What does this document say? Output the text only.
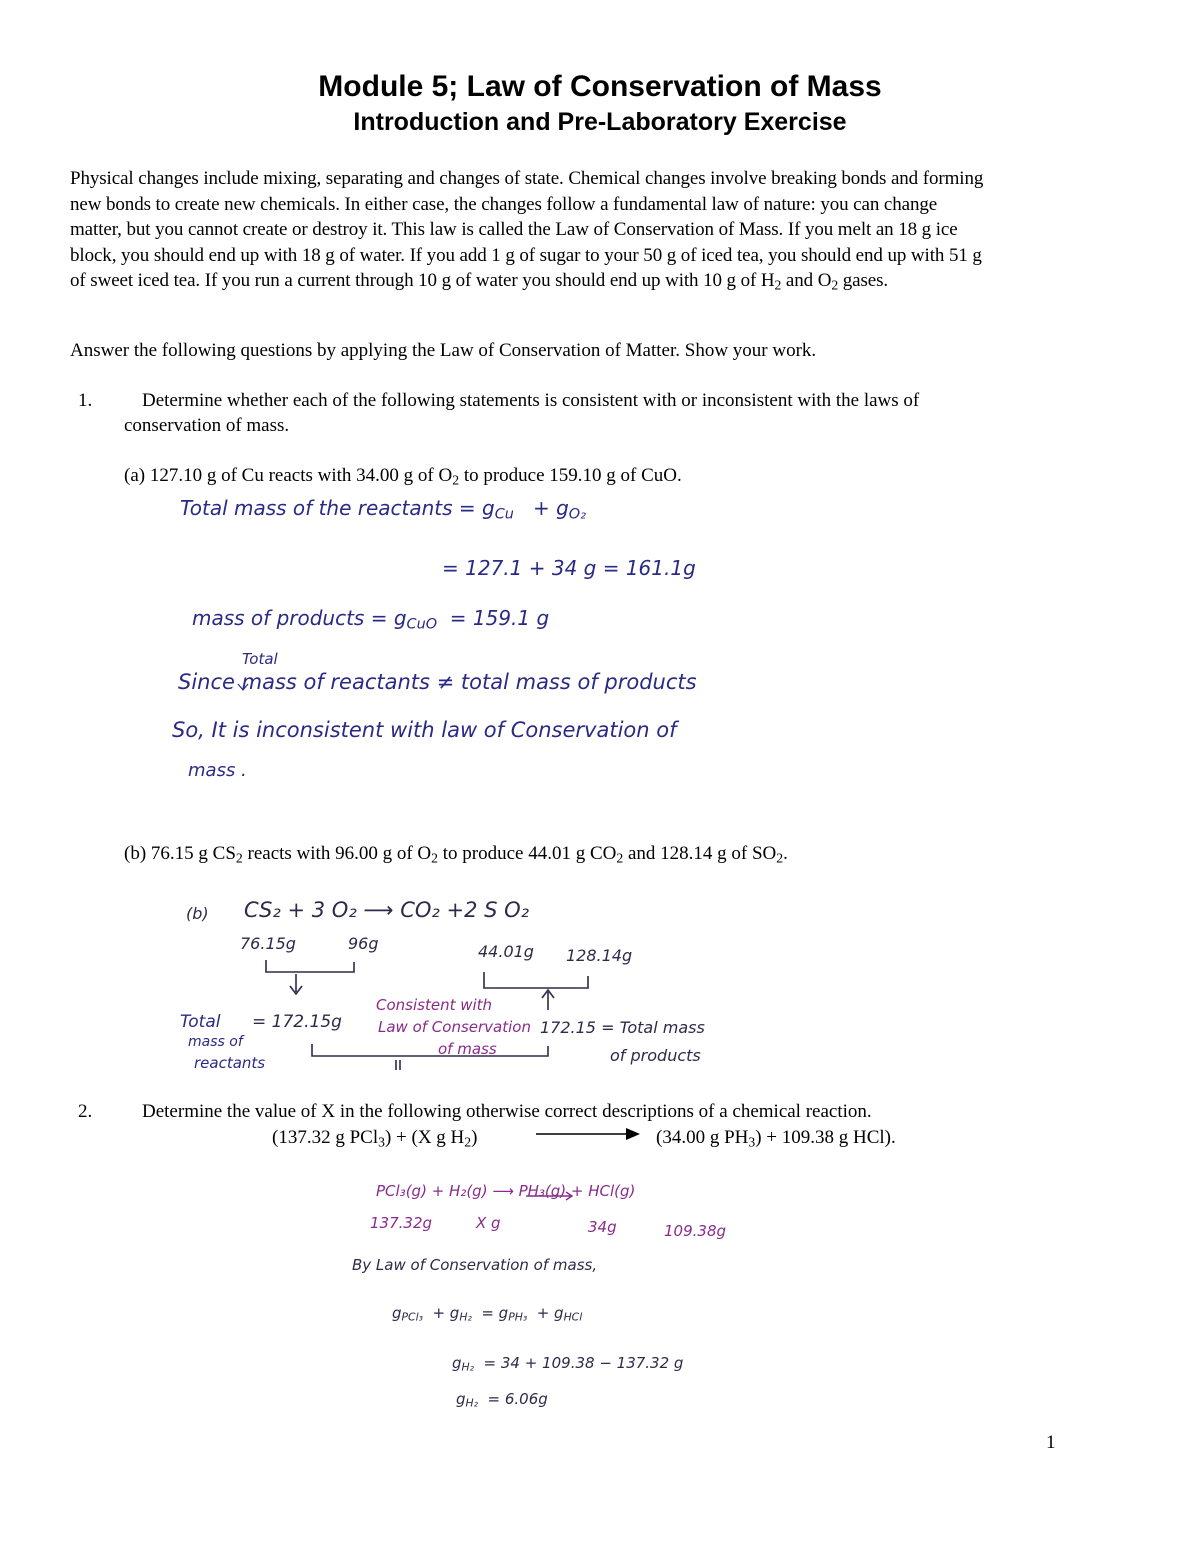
Module 5; Law of Conservation of Mass
Introduction and Pre-Laboratory Exercise
Physical changes include mixing, separating and changes of state. Chemical changes involve breaking bonds and forming
new bonds to create new chemicals. In either case, the changes follow a fundamental law of nature: you can change
matter, but you cannot create or destroy it. This law is called the Law of Conservation of Mass. If you melt an 18 g ice
block, you should end up with 18 g of water. If you add 1 g of sugar to your 50 g of iced tea, you should end up with 51 g
of sweet iced tea. If you run a current through 10 g of water you should end up with 10 g of $H_2$ and $O_2$ gases.
Answer the following questions by applying the Law of Conservation of Matter. Show your work.
1.	Determine whether each of the following statements is consistent with or inconsistent with the laws of
conservation of mass.
(a) 127.10 g of Cu reacts with 34.00 g of $O_2$ to produce 159.10 g of CuO.
Total mass of the reactants = $g_{Cu} + g_{O_2}$
= 127.1 + 34 g = 161.1g
mass of products = $g_{CuO} = 159.1$ g
Total
Since mass of reactants ≠ total mass of products
So, It is inconsistent with law of Conservation of
mass .
(b) 76.15 g $CS_2$ reacts with 96.00 g of $O_2$ to produce 44.01 g $CO_2$ and 128.14 g of $SO_2$.
(b) CS₂ + 3 O₂ ⟶ CO₂ +2 S O₂
76.15g	96g	44.01g 128.14g
Total
mass of
reactants
= 172.15g
Consistent with
Law of Conservation
of mass
172.15 = Total mass
of products
2.	Determine the value of X in the following otherwise correct descriptions of a chemical reaction.
(137.32 g PCl$_3$) + (X g $H_2$)	(34.00 g $PH_3) + 109.38$ g HCl).
PCl₃(g) + H₂(g) ⟶ PH₃(g) + HCl(g)
137.32g	X g	34g	109.38g
By Law of Conservation of mass,
$g_{PCl_3} + g_{H_2} = g_{PH_3} + g_{HCl}$
$g_{H_2} = 34 + 109.38 - 137.32$ g
$g_{H_2} = 6.06g$
1
